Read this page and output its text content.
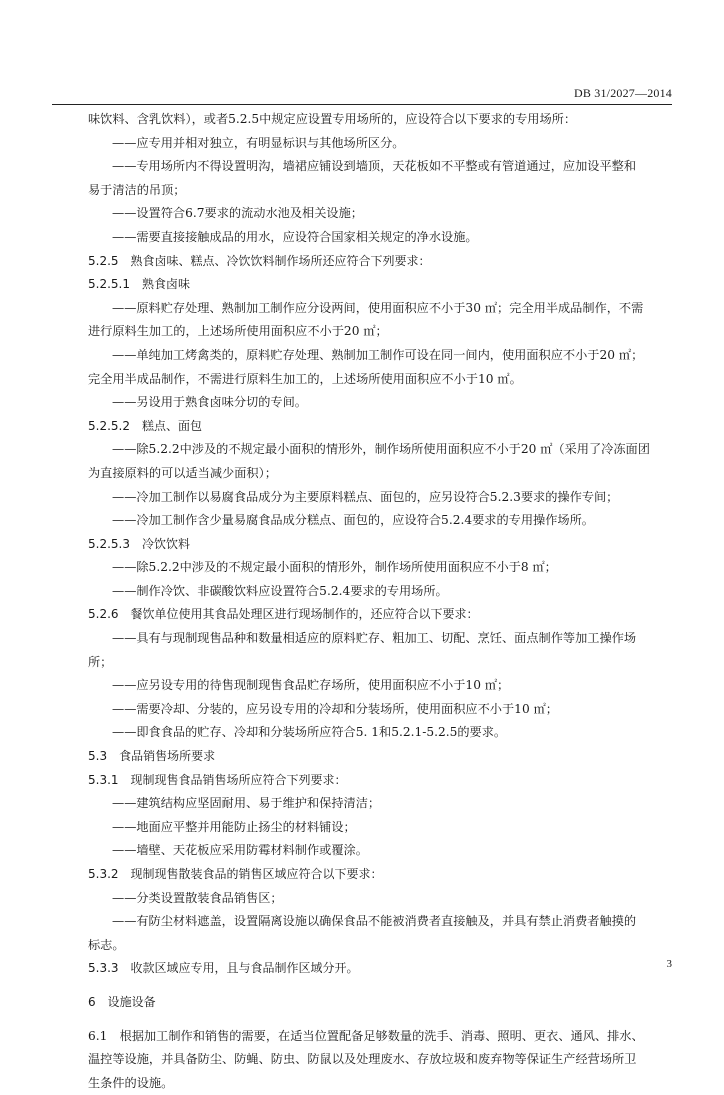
DB 31/2027—2014
味饮料、含乳饮料），或者5.2.5中规定应设置专用场所的，应设符合以下要求的专用场所：
——应专用并相对独立，有明显标识与其他场所区分。
——专用场所内不得设置明沟，墙裙应铺设到墙顶，天花板如不平整或有管道通过，应加设平整和
易于清洁的吊顶；
——设置符合6.7要求的流动水池及相关设施；
——需要直接接触成品的用水，应设符合国家相关规定的净水设施。
5.2.5　熟食卤味、糕点、冷饮饮料制作场所还应符合下列要求：
5.2.5.1　熟食卤味
——原料贮存处理、熟制加工制作应分设两间，使用面积应不小于30 ㎡；完全用半成品制作，不需
进行原料生加工的，上述场所使用面积应不小于20 ㎡；
——单纯加工烤禽类的，原料贮存处理、熟制加工制作可设在同一间内，使用面积应不小于20 ㎡；
完全用半成品制作，不需进行原料生加工的，上述场所使用面积应不小于10 ㎡。
——另设用于熟食卤味分切的专间。
5.2.5.2　糕点、面包
——除5.2.2中涉及的不规定最小面积的情形外，制作场所使用面积应不小于20 ㎡（采用了冷冻面团
为直接原料的可以适当减少面积）；
——冷加工制作以易腐食品成分为主要原料糕点、面包的，应另设符合5.2.3要求的操作专间；
——冷加工制作含少量易腐食品成分糕点、面包的，应设符合5.2.4要求的专用操作场所。
5.2.5.3　冷饮饮料
——除5.2.2中涉及的不规定最小面积的情形外，制作场所使用面积应不小于8 ㎡；
——制作冷饮、非碳酸饮料应设置符合5.2.4要求的专用场所。
5.2.6　餐饮单位使用其食品处理区进行现场制作的，还应符合以下要求：
——具有与现制现售品种和数量相适应的原料贮存、粗加工、切配、烹饪、面点制作等加工操作场
所；
——应另设专用的待售现制现售食品贮存场所，使用面积应不小于10 ㎡；
——需要冷却、分装的，应另设专用的冷却和分装场所，使用面积应不小于10 ㎡；
——即食食品的贮存、冷却和分装场所应符合5. 1和5.2.1-5.2.5的要求。
5.3　食品销售场所要求
5.3.1　现制现售食品销售场所应符合下列要求：
——建筑结构应坚固耐用、易于维护和保持清洁；
——地面应平整并用能防止扬尘的材料铺设；
——墙壁、天花板应采用防霉材料制作或覆涂。
5.3.2　现制现售散装食品的销售区域应符合以下要求：
——分类设置散装食品销售区；
——有防尘材料遮盖，设置隔离设施以确保食品不能被消费者直接触及，并具有禁止消费者触摸的
标志。
5.3.3　收款区域应专用，且与食品制作区域分开。
6　设施设备
6.1　根据加工制作和销售的需要，在适当位置配备足够数量的洗手、消毒、照明、更衣、通风、排水、
温控等设施，并具备防尘、防蝇、防虫、防鼠以及处理废水、存放垃圾和废弃物等保证生产经营场所卫
生条件的设施。
3
